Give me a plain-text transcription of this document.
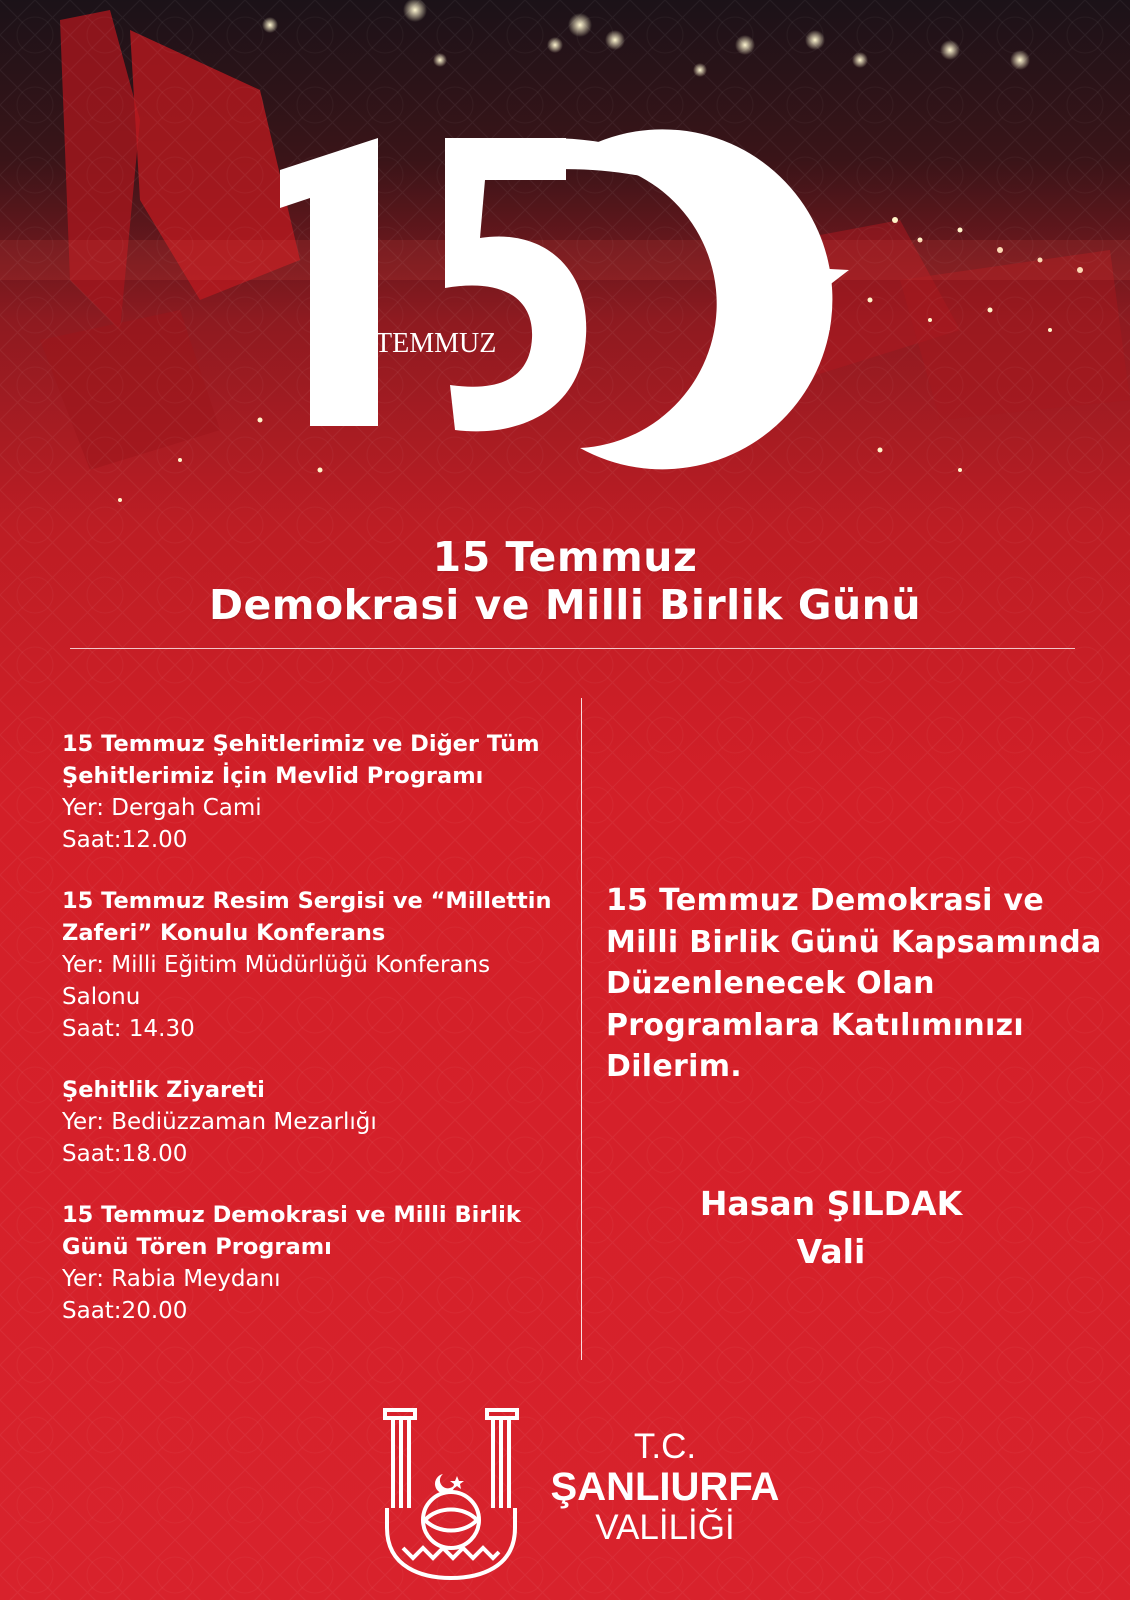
TEMMUZ
15 Temmuz
Demokrasi ve Milli Birlik Günü
15 Temmuz Şehitlerimiz ve Diğer Tüm
Şehitlerimiz İçin Mevlid Programı
Yer: Dergah Cami
Saat:12.00
15 Temmuz Resim Sergisi ve “Millettin
Zaferi” Konulu Konferans
Yer: Milli Eğitim Müdürlüğü Konferans
Salonu
Saat: 14.30
Şehitlik Ziyareti
Yer: Bediüzzaman Mezarlığı
Saat:18.00
15 Temmuz Demokrasi ve Milli Birlik
Günü Tören Programı
Yer: Rabia Meydanı
Saat:20.00
15 Temmuz Demokrasi ve
Milli Birlik Günü Kapsamında
Düzenlenecek Olan
Programlara Katılımınızı
Dilerim.
Hasan ŞILDAK
Vali
T.C.
ŞANLIURFA
VALİLİĞİ
